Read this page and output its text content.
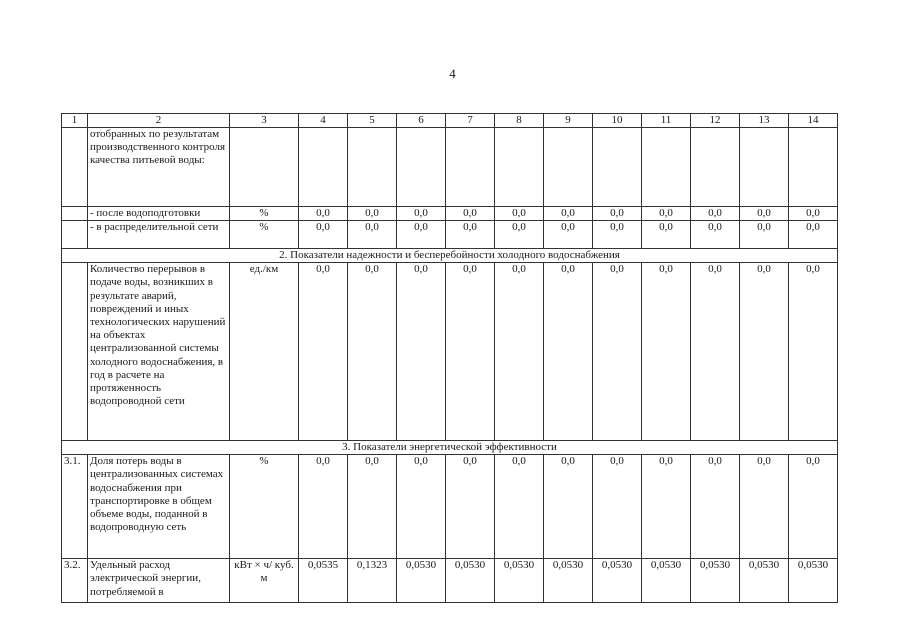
4
1	2	3	4	5	6	7	8	9	10	11	12	13	14
	отобранных по результатам производственного контроля качества питьевой воды:												
	- после водоподготовки	%	0,0	0,0	0,0	0,0	0,0	0,0	0,0	0,0	0,0	0,0	0,0
	- в распределительной сети	%	0,0	0,0	0,0	0,0	0,0	0,0	0,0	0,0	0,0	0,0	0,0
2. Показатели надежности и бесперебойности холодного водоснабжения													
	Количество перерывов в подаче воды, возникших в результате аварий, повреждений и иных технологических нарушений на объектах централизованной системы холодного водоснабжения, в год в расчете на протяженность водопроводной сети	ед./км	0,0	0,0	0,0	0,0	0,0	0,0	0,0	0,0	0,0	0,0	0,0
3. Показатели энергетической эффективности													
3.1.	Доля потерь воды в централизованных системах водоснабжения при транспортировке в общем объеме воды, поданной в водопроводную сеть	%	0,0	0,0	0,0	0,0	0,0	0,0	0,0	0,0	0,0	0,0	0,0
3.2.	Удельный расход электрической энергии, потребляемой в	кВт × ч/ куб. м	0,0535	0,1323	0,0530	0,0530	0,0530	0,0530	0,0530	0,0530	0,0530	0,0530	0,0530
